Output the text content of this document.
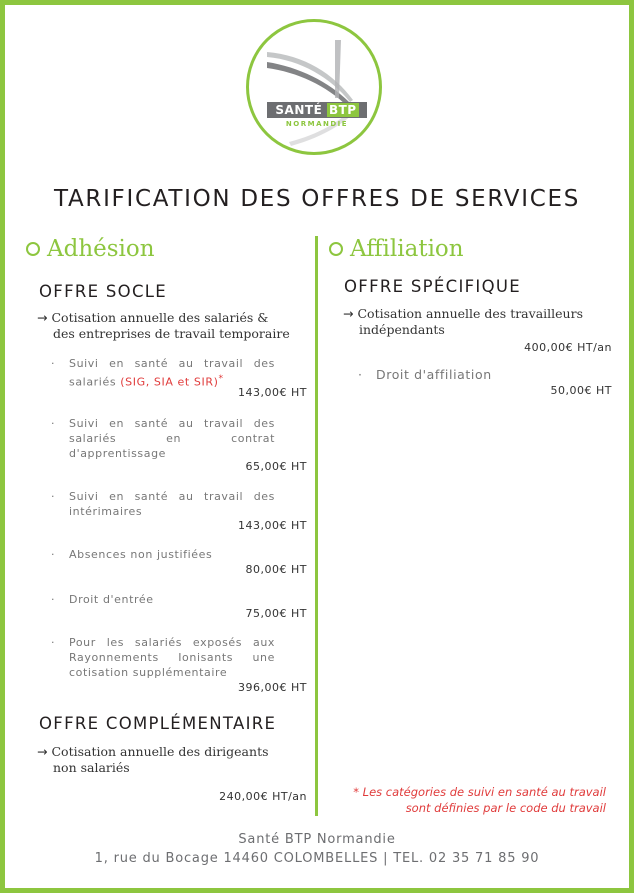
SANTÉ BTP
NORMANDIE
TARIFICATION DES OFFRES DE SERVICES
Adhésion
OFFRE SOCLE
→ Cotisation annuelle des salariés &
des entreprises de travail temporaire
· Suivi en santé au travail des salariés (SIG, SIA et SIR)*
143,00€ HT
· Suivi en santé au travail des salariés en contrat d'apprentissage
65,00€ HT
· Suivi en santé au travail des intérimaires
143,00€ HT
· Absences non justifiées
80,00€ HT
· Droit d'entrée
75,00€ HT
· Pour les salariés exposés aux Rayonnements Ionisants une cotisation supplémentaire
396,00€ HT
OFFRE COMPLÉMENTAIRE
→ Cotisation annuelle des dirigeants
non salariés
240,00€ HT/an
Affiliation
OFFRE SPÉCIFIQUE
→ Cotisation annuelle des travailleurs
indépendants
400,00€ HT/an
· Droit d'affiliation
50,00€ HT
* Les catégories de suivi en santé au travail
sont définies par le code du travail
Santé BTP Normandie
1, rue du Bocage 14460 COLOMBELLES | TEL. 02 35 71 85 90
